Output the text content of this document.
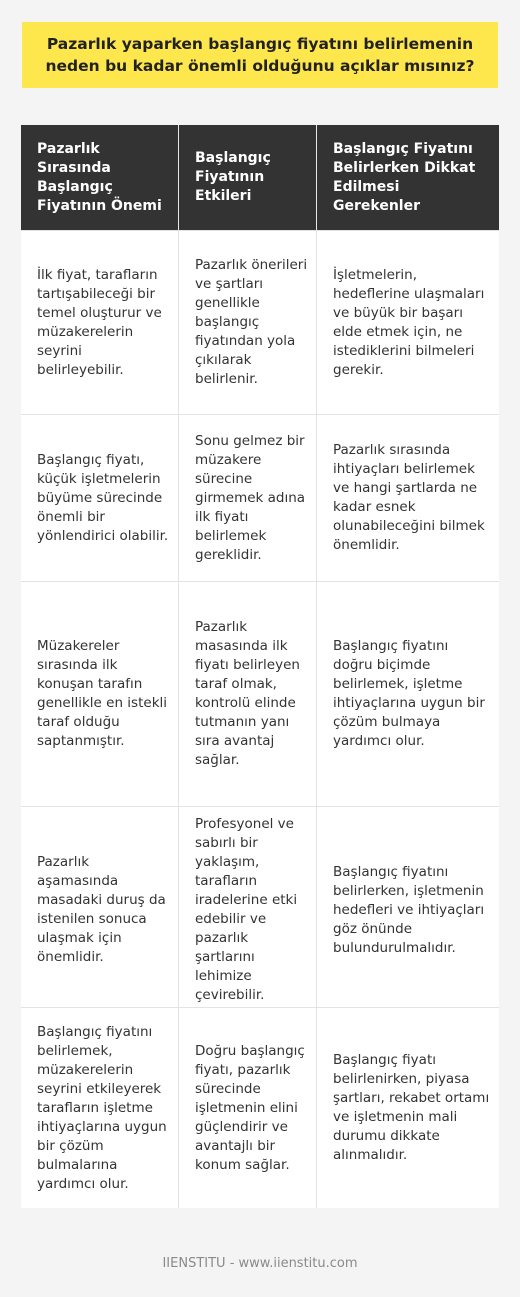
Pazarlık yaparken başlangıç fiyatını belirlemenin neden bu kadar önemli olduğunu açıklar mısınız?
Pazarlık Sırasında Başlangıç Fiyatının Önemi
Başlangıç Fiyatının Etkileri
Başlangıç Fiyatını Belirlerken Dikkat Edilmesi Gerekenler
İlk fiyat, tarafların tartışabileceği bir temel oluşturur ve müzakerelerin seyrini belirleyebilir.
Pazarlık önerileri ve şartları genellikle başlangıç fiyatından yola çıkılarak belirlenir.
İşletmelerin, hedeflerine ulaşmaları ve büyük bir başarı elde etmek için, ne istediklerini bilmeleri gerekir.
Başlangıç fiyatı, küçük işletmelerin büyüme sürecinde önemli bir yönlendirici olabilir.
Sonu gelmez bir müzakere sürecine girmemek adına ilk fiyatı belirlemek gereklidir.
Pazarlık sırasında ihtiyaçları belirlemek ve hangi şartlarda ne kadar esnek olunabileceğini bilmek önemlidir.
Müzakereler sırasında ilk konuşan tarafın genellikle en istekli taraf olduğu saptanmıştır.
Pazarlık masasında ilk fiyatı belirleyen taraf olmak, kontrolü elinde tutmanın yanı sıra avantaj sağlar.
Başlangıç fiyatını doğru biçimde belirlemek, işletme ihtiyaçlarına uygun bir çözüm bulmaya yardımcı olur.
Pazarlık aşamasında masadaki duruş da istenilen sonuca ulaşmak için önemlidir.
Profesyonel ve sabırlı bir yaklaşım, tarafların iradelerine etki edebilir ve pazarlık şartlarını lehimize çevirebilir.
Başlangıç fiyatını belirlerken, işletmenin hedefleri ve ihtiyaçları göz önünde bulundurulmalıdır.
Başlangıç fiyatını belirlemek, müzakerelerin seyrini etkileyerek tarafların işletme ihtiyaçlarına uygun bir çözüm bulmalarına yardımcı olur.
Doğru başlangıç fiyatı, pazarlık sürecinde işletmenin elini güçlendirir ve avantajlı bir konum sağlar.
Başlangıç fiyatı belirlenirken, piyasa şartları, rekabet ortamı ve işletmenin mali durumu dikkate alınmalıdır.
IIENSTITU - www.iienstitu.com
